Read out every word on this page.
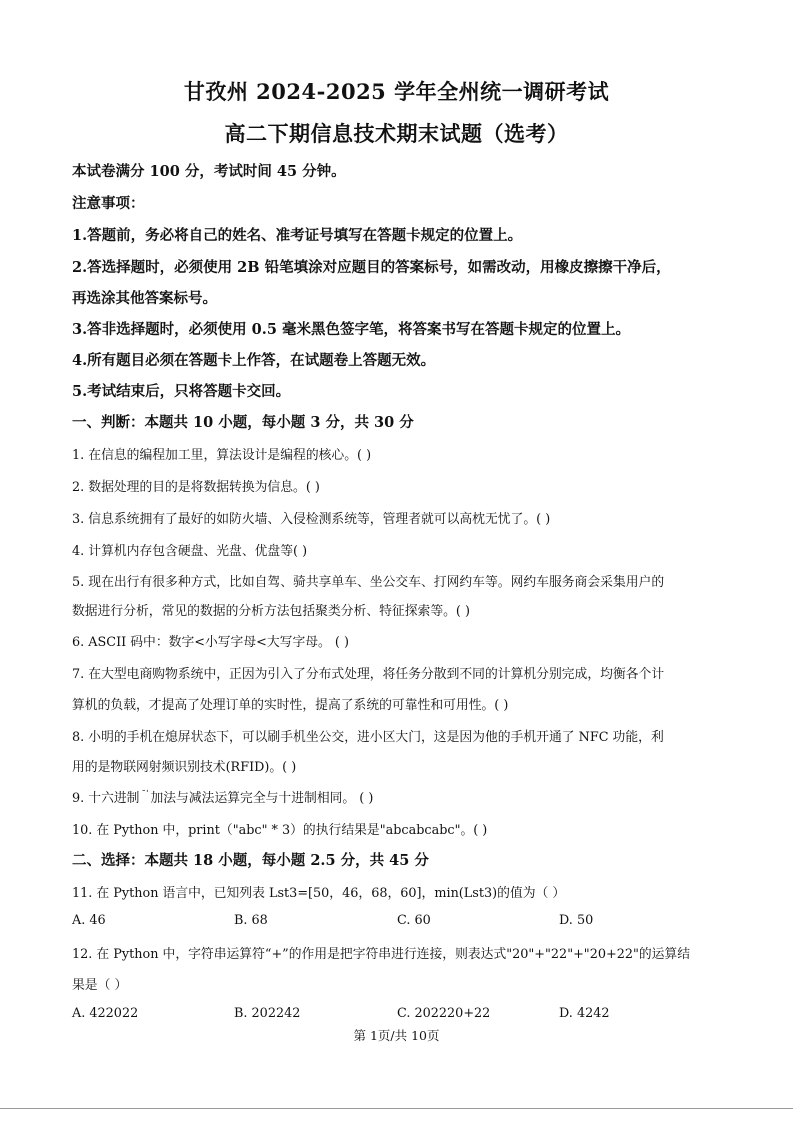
甘孜州 2024-2025 学年全州统一调研考试
高二下期信息技术期末试题（选考）
本试卷满分 100 分，考试时间 45 分钟。
注意事项：
1.答题前，务必将自己的姓名、准考证号填写在答题卡规定的位置上。
2.答选择题时，必须使用 2B 铅笔填涂对应题目的答案标号，如需改动，用橡皮擦擦干净后，
再选涂其他答案标号。
3.答非选择题时，必须使用 0.5 毫米黑色签字笔，将答案书写在答题卡规定的位置上。
4.所有题目必须在答题卡上作答，在试题卷上答题无效。
5.考试结束后，只将答题卡交回。
一、判断：本题共 10 小题，每小题 3 分，共 30 分
1. 在信息的编程加工里，算法设计是编程的核心。( )
2. 数据处理的目的是将数据转换为信息。( )
3. 信息系统拥有了最好的如防火墙、入侵检测系统等，管理者就可以高枕无忧了。( )
4. 计算机内存包含硬盘、光盘、优盘等( )
5. 现在出行有很多种方式，比如自驾、骑共享单车、坐公交车、打网约车等。网约车服务商会采集用户的
数据进行分析，常见的数据的分析方法包括聚类分析、特征探索等。( )
6. ASCII 码中：数字<小写字母<大写字母。 ( )
7. 在大型电商购物系统中，正因为引入了分布式处理，将任务分散到不同的计算机分别完成，均衡各个计
算机的负载，才提高了处理订单的实时性，提高了系统的可靠性和可用性。( )
8. 小明的手机在熄屏状态下，可以刷手机坐公交，进小区大门，这是因为他的手机开通了 NFC 功能，利
用的是物联网射频识别技术(RFID)。( )
9. 十六进制 $^{ˉˈ}$ 加法与减法运算完全与十进制相同。 ( )
10. 在 Python 中，print（"abc" * 3）的执行结果是"abcabcabc"。( )
二、选择：本题共 18 小题，每小题 2.5 分，共 45 分
11. 在 Python 语言中，已知列表 Lst3=[50，46，68，60]，min(Lst3)的值为（ ）
A. 46	B. 68	C. 60	D. 50
12. 在 Python 中，字符串运算符“+”的作用是把字符串进行连接，则表达式"20"+"22"+"20+22"的运算结
果是（ ）
A. 422022	B. 202242	C. 202220+22	D. 4242
第 1页/共 10页
